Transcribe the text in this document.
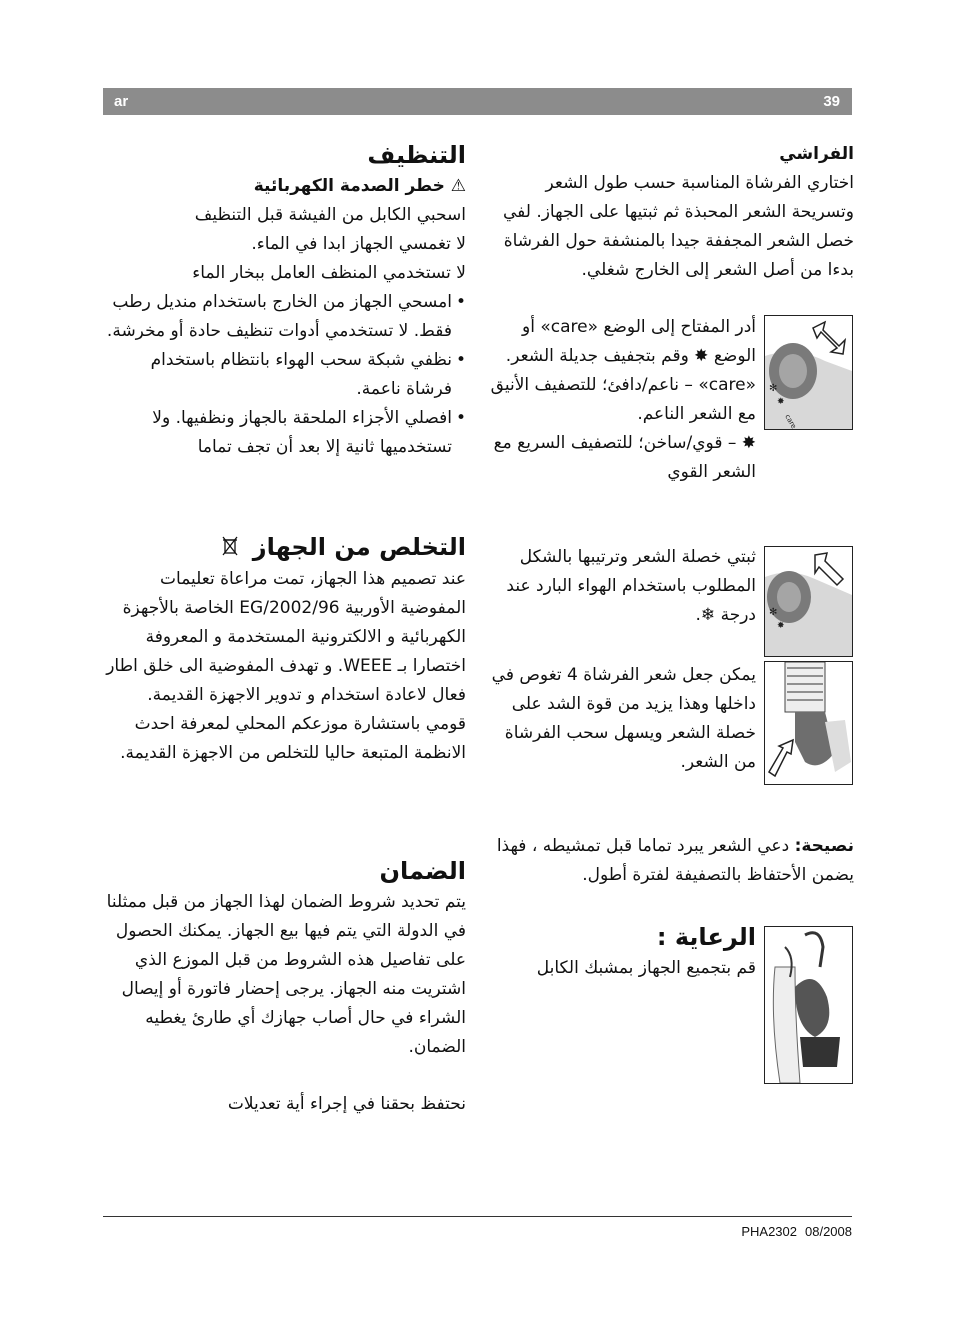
ar	39

الفراشي

اختاري الفرشاة المناسبة حسب طول الشعر وتسريحة الشعر المحبذة ثم ثبتيها على الجهاز. لفي خصل الشعر المجففة جيدا بالمنشفة حول الفرشاة بدءا من أصل الشعر إلى الخارج شغلي.

✻
✸
care

أدر المفتاح إلى الوضع «care» أو الوضع ✸ وقم بتجفيف جديلة الشعر.

«care» – ناعم/دافئ؛ للتصفيف الأنيق مع الشعر الناعم.

✸ – قوي/ساخن؛ للتصفيف السريع مع الشعر القوي

✻
✸

ثبتي خصلة الشعر وترتيبها بالشكل المطلوب باستخدام الهواء البارد عند درجة ❄.

يمكن جعل شعر الفرشاة 4 تغوص في داخلها وهذا يزيد من قوة الشد على خصلة الشعر ويسهل سحب الفرشاة من الشعر.

نصيحة: دعي الشعر يبرد تماما قبل تمشيطه ، فهذا يضمن الأحتفاظ بالتصفيفة لفترة أطول.

الرعاية :

قم بتجميع الجهاز بمشبك الكابل

التنظيف

⚠ خطر الصدمة الكهربائية

اسحبي الكابل من الفيشة قبل التنظيف

لا تغمسي الجهاز ابدا في الماء.

لا تستخدمي المنظف العامل ببخار الماء

• امسحي الجهاز من الخارج باستخدام منديل رطب فقط. لا تستخدمي أدوات تنظيف حادة أو مخرشة.

• نظفي شبكة سحب الهواء بانتظام باستخدام فرشاة ناعمة.

• افصلي الأجزاء الملحقة بالجهاز ونظفيها. ولا تستخدميها ثانية إلا بعد أن تجف تماما

التخلص من الجهاز

عند تصميم هذا الجهاز، تمت مراعاة تعليمات المفوضية الأوربية 2002/96/EG الخاصة بالأجهزة الكهربائية و الالكترونية المستخدمة و المعروفة اختصارا بـ WEEE. و تهدف المفوضية الى خلق اطار فعال لاعادة استخدام و تدوير الاجهزة القديمة.

قومي باستشارة موزعكم المحلي لمعرفة احدث الانظمة المتبعة حاليا للتخلص من الاجهزة القديمة.

الضمان

يتم تحديد شروط الضمان لهذا الجهاز من قبل ممثلنا في الدولة التي يتم فيها بيع الجهاز. يمكنك الحصول على تفاصيل هذه الشروط من قبل الموزع الذي اشتريت منه الجهاز. يرجى إحضار فاتورة أو إيصال الشراء في حال أصاب جهازك أي طارئ يغطيه الضمان.

نحتفظ بحقنا في إجراء أية تعديلات

PHA2302 08/2008
